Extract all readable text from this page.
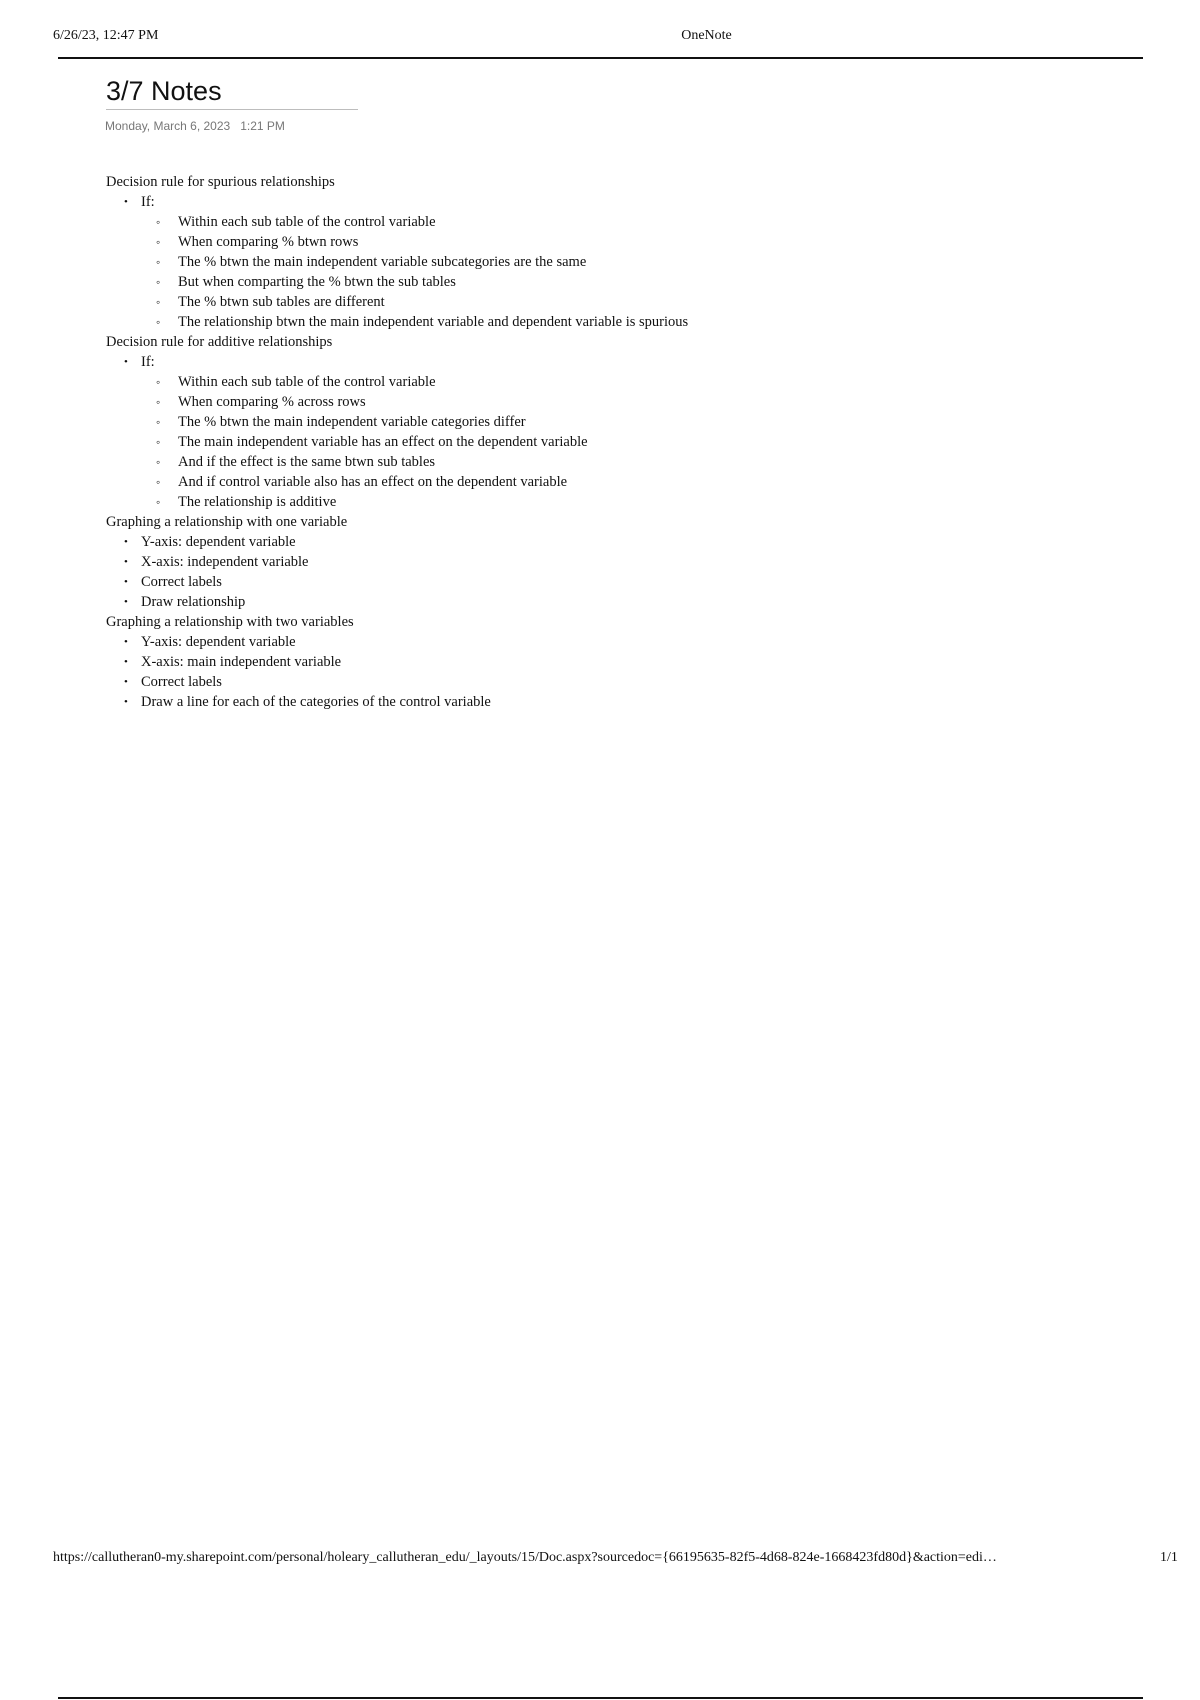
6/26/23, 12:47 PM	OneNote
3/7 Notes
Monday, March 6, 2023 1:21 PM
Decision rule for spurious relationships
• If:
◦ Within each sub table of the control variable
◦ When comparing % btwn rows
◦ The % btwn the main independent variable subcategories are the same
◦ But when comparting the % btwn the sub tables
◦ The % btwn sub tables are different
◦ The relationship btwn the main independent variable and dependent variable is spurious
Decision rule for additive relationships
• If:
◦ Within each sub table of the control variable
◦ When comparing % across rows
◦ The % btwn the main independent variable categories differ
◦ The main independent variable has an effect on the dependent variable
◦ And if the effect is the same btwn sub tables
◦ And if control variable also has an effect on the dependent variable
◦ The relationship is additive
Graphing a relationship with one variable
• Y-axis: dependent variable
• X-axis: independent variable
• Correct labels
• Draw relationship
Graphing a relationship with two variables
• Y-axis: dependent variable
• X-axis: main independent variable
• Correct labels
• Draw a line for each of the categories of the control variable
https://callutheran0-my.sharepoint.com/personal/holeary_callutheran_edu/_layouts/15/Doc.aspx?sourcedoc={66195635-82f5-4d68-824e-1668423fd80d}&action=edi…	1/1
